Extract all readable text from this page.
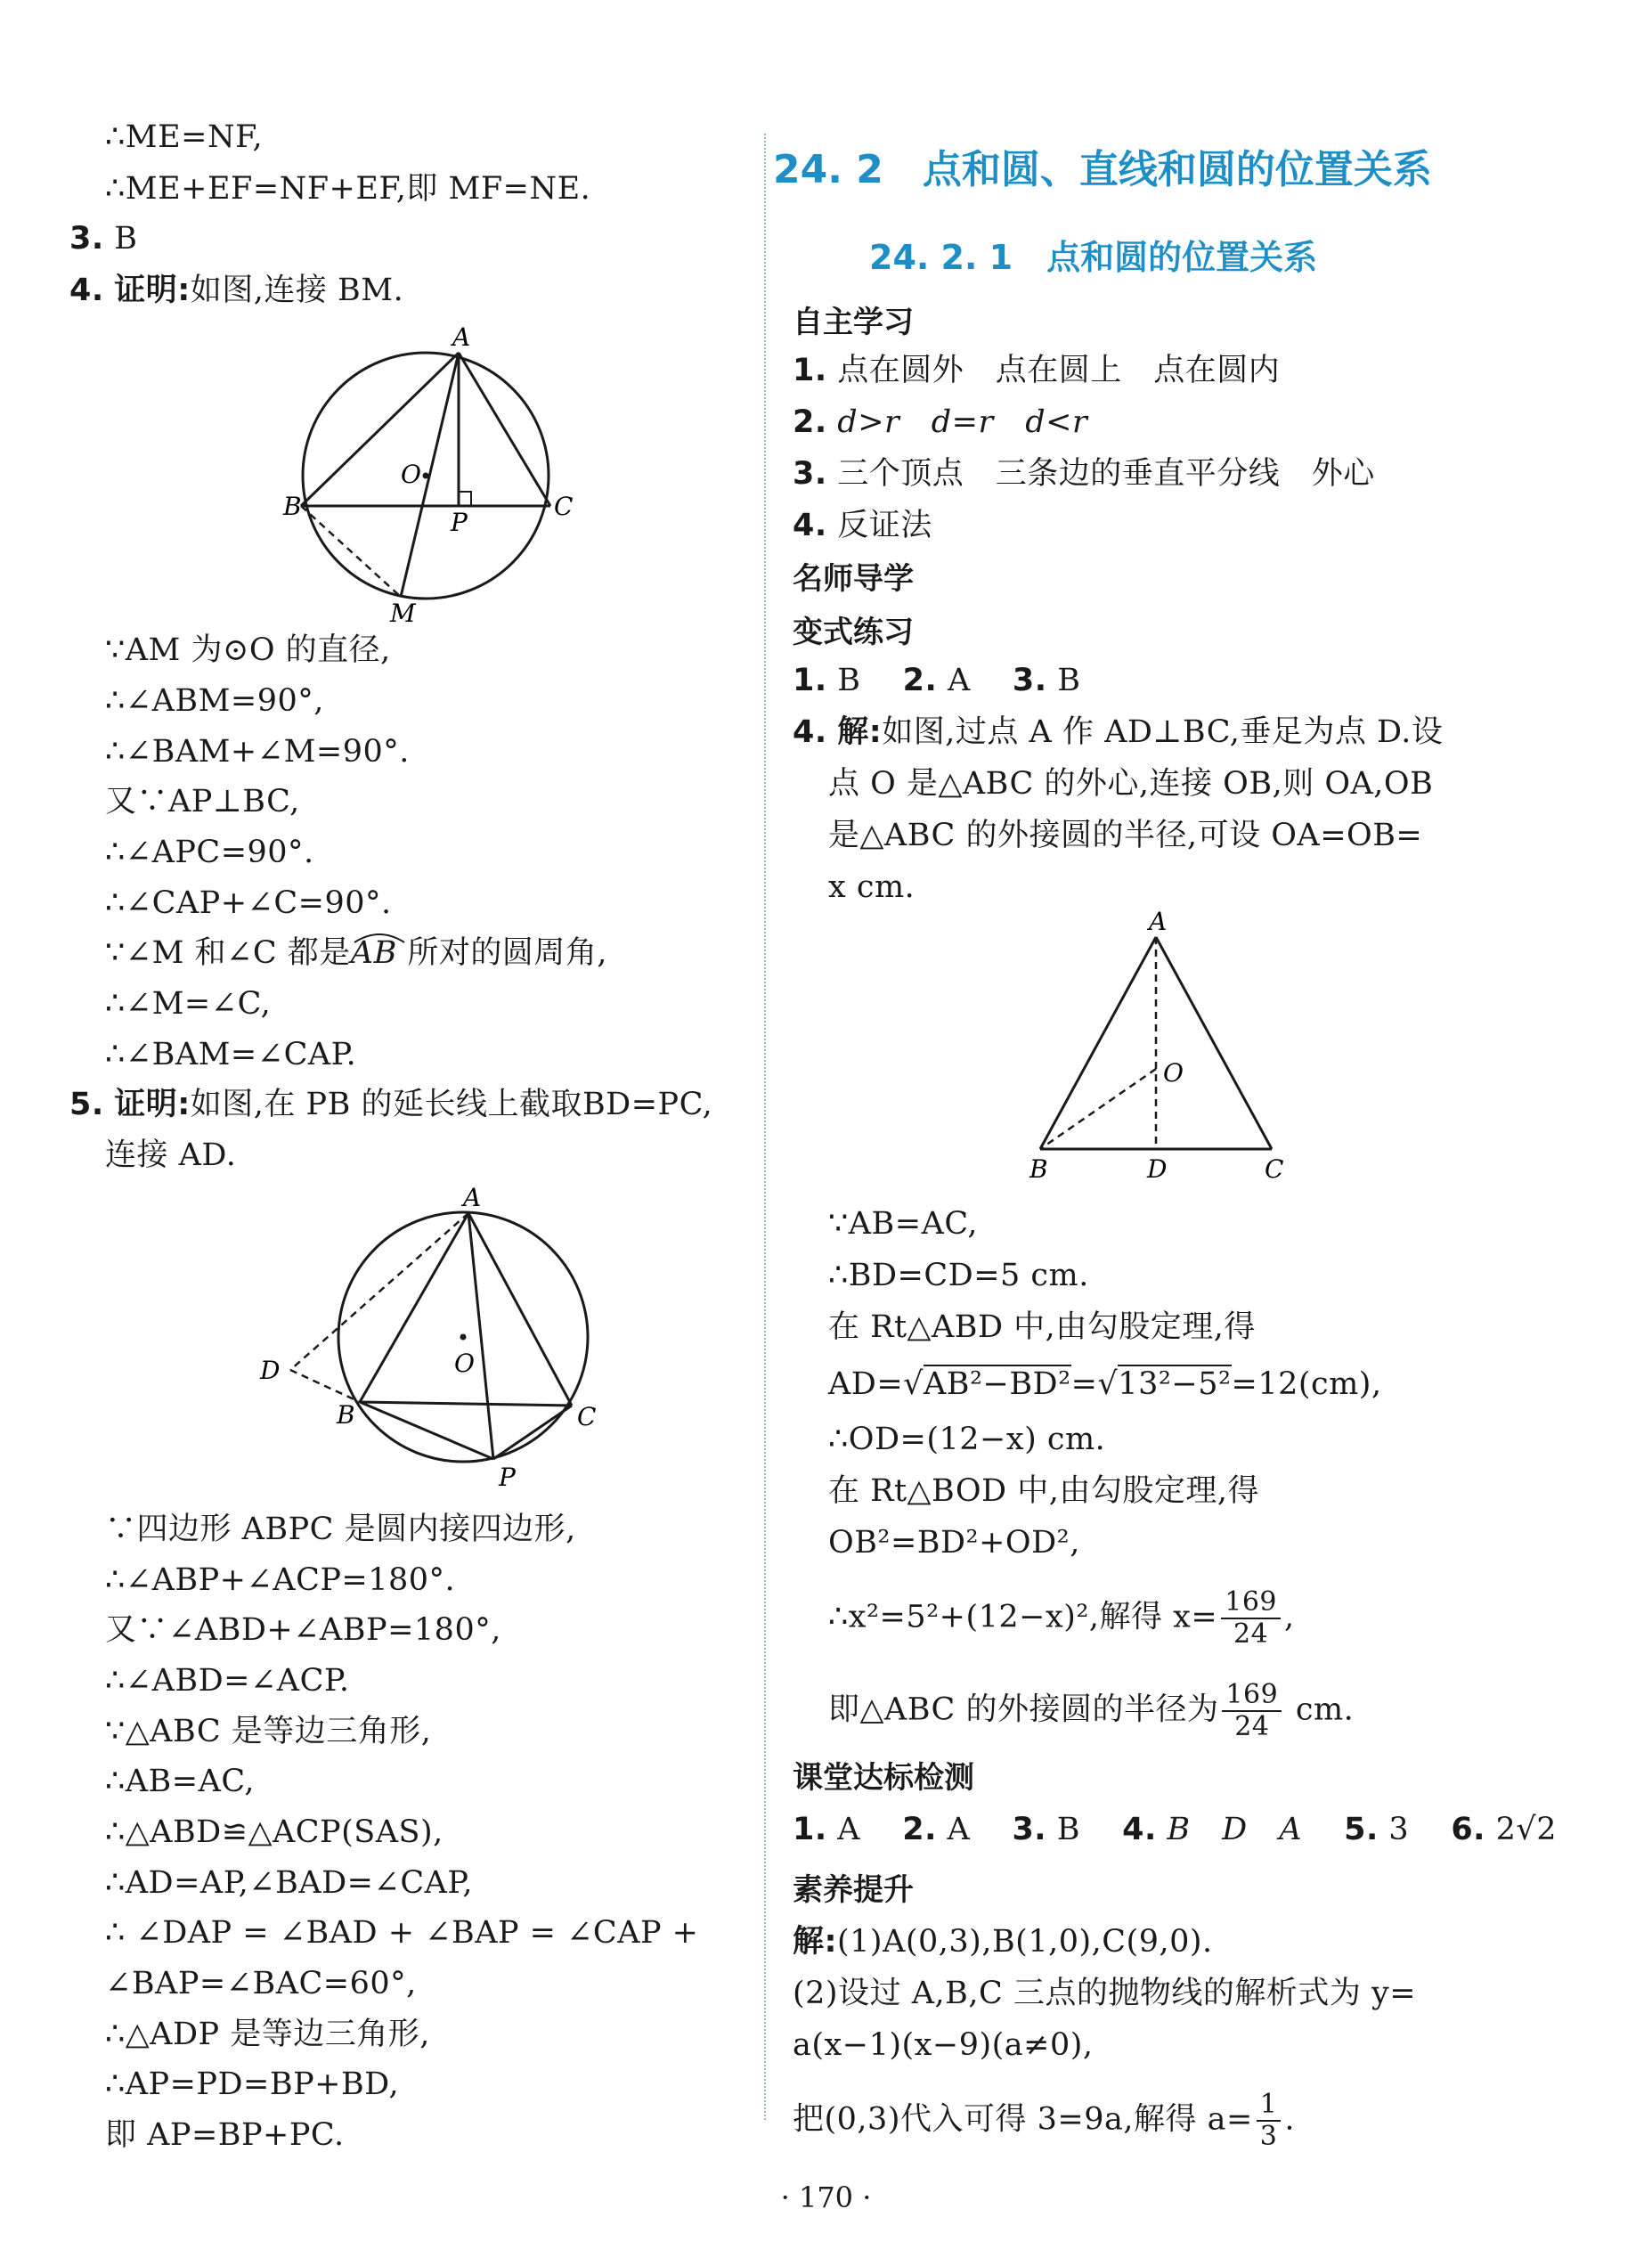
∴ME=NF,
∴ME+EF=NF+EF,即 MF=NE.
3. B
4. 证明:如图,连接 BM.
A
O
B
P
C
M
∵AM 为⊙O 的直径,
∴∠ABM=90°,
∴∠BAM+∠M=90°.
又∵AP⊥BC,
∴∠APC=90°.
∴∠CAP+∠C=90°.
∵∠M 和∠C 都是
AB 所对的圆周角,
∴∠M=∠C,
∴∠BAM=∠CAP.
5. 证明:如图,在 PB 的延长线上截取BD=PC,
连接 AD.
A
D	O
B	C
P
∵四边形 ABPC 是圆内接四边形,
∴∠ABP+∠ACP=180°.
又∵∠ABD+∠ABP=180°,
∴∠ABD=∠ACP.
∵△ABC 是等边三角形,
∴AB=AC,
∴△ABD≌△ACP(SAS),
∴AD=AP,∠BAD=∠CAP,
∴ ∠DAP = ∠BAD + ∠BAP = ∠CAP +
∠BAP=∠BAC=60°,
∴△ADP 是等边三角形,
∴AP=PD=BP+BD,
即 AP=BP+PC.
24. 2　 点和圆、直线和圆的位置关系
24. 2. 1　 点和圆的位置关系
自主学习
1. 点在圆外　点在圆上　点在圆内
2. d>r　d=r　d<r
3. 三个顶点　三条边的垂直平分线　外心
4. 反证法
名师导学
变式练习
1. B　 2. A　 3. B
4. 解:如图,过点 A 作 AD⊥BC,垂足为点 D.设
点 O 是△ABC 的外心,连接 OB,则 OA,OB
是△ABC 的外接圆的半径,可设 OA=OB=
x cm.
A
O
B	D	C
∵AB=AC,
∴BD=CD=5 cm.
在 Rt△ABD 中,由勾股定理,得
AD=√AB²−BD²=√13²−5²=12(cm),
∴OD=(12−x) cm.
在 Rt△BOD 中,由勾股定理,得
OB²=BD²+OD²,
∴x²=5²+(12−x)²,解得 $x= \frac{169}{24}$ ,
即△ABC 的外接圆的半径为 $\frac{169}{24}$ cm.
课堂达标检测
1. A　 2. A　 3. B　 4. B　D　A　 5. 3　 6. 2√2
素养提升
解:(1)A(0,3),B(1,0),C(9,0).
(2)设过 A,B,C 三点的抛物线的解析式为 y=
a(x−1)(x−9)(a≠0),
把(0,3)代入可得 3=9a,解得 $a= \frac{1}{3}$ .
· 170 ·
